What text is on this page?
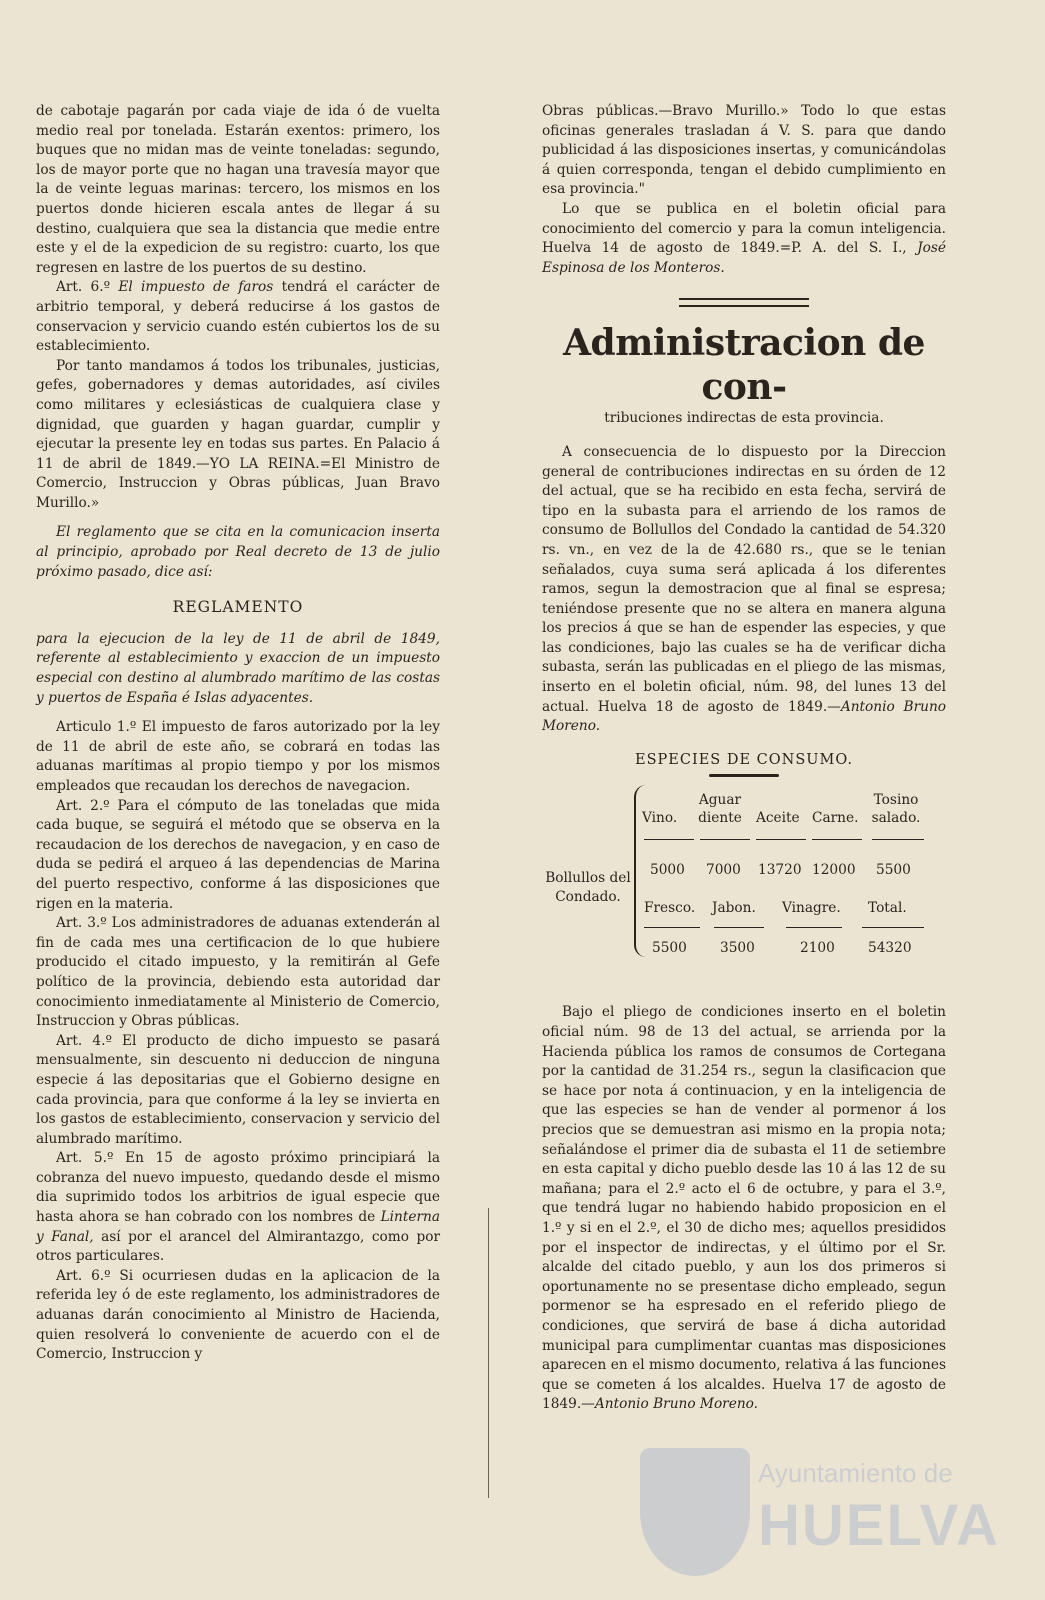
de cabotaje pagarán por cada viaje de ida ó de vuelta medio real por tonelada. Estarán exentos: primero, los buques que no midan mas de veinte toneladas: segundo, los de mayor porte que no hagan una travesía mayor que la de veinte leguas marinas: tercero, los mismos en los puertos donde hicieren escala antes de llegar á su destino, cualquiera que sea la distancia que medie entre este y el de la expedicion de su registro: cuarto, los que regresen en lastre de los puertos de su destino.

Art. 6.º El impuesto de faros tendrá el carácter de arbitrio temporal, y deberá reducirse á los gastos de conservacion y servicio cuando estén cubiertos los de su establecimiento.

Por tanto mandamos á todos los tribunales, justicias, gefes, gobernadores y demas autoridades, así civiles como militares y eclesiásticas de cualquiera clase y dignidad, que guarden y hagan guardar, cumplir y ejecutar la presente ley en todas sus partes. En Palacio á 11 de abril de 1849.—YO LA REINA.=El Ministro de Comercio, Instruccion y Obras públicas, Juan Bravo Murillo.»

El reglamento que se cita en la comunicacion inserta al principio, aprobado por Real decreto de 13 de julio próximo pasado, dice así:

REGLAMENTO

para la ejecucion de la ley de 11 de abril de 1849, referente al establecimiento y exaccion de un impuesto especial con destino al alumbrado marítimo de las costas y puertos de España é Islas adyacentes.

Articulo 1.º El impuesto de faros autorizado por la ley de 11 de abril de este año, se cobrará en todas las aduanas marítimas al propio tiempo y por los mismos empleados que recaudan los derechos de navegacion.

Art. 2.º Para el cómputo de las toneladas que mida cada buque, se seguirá el método que se observa en la recaudacion de los derechos de navegacion, y en caso de duda se pedirá el arqueo á las dependencias de Marina del puerto respectivo, conforme á las disposiciones que rigen en la materia.

Art. 3.º Los administradores de aduanas extenderán al fin de cada mes una certificacion de lo que hubiere producido el citado impuesto, y la remitirán al Gefe político de la provincia, debiendo esta autoridad dar conocimiento inmediatamente al Ministerio de Comercio, Instruccion y Obras públicas.

Art. 4.º El producto de dicho impuesto se pasará mensualmente, sin descuento ni deduccion de ninguna especie á las depositarias que el Gobierno designe en cada provincia, para que conforme á la ley se invierta en los gastos de establecimiento, conservacion y servicio del alumbrado marítimo.

Art. 5.º En 15 de agosto próximo principiará la cobranza del nuevo impuesto, quedando desde el mismo dia suprimido todos los arbitrios de igual especie que hasta ahora se han cobrado con los nombres de Linterna y Fanal, así por el arancel del Almirantazgo, como por otros particulares.

Art. 6.º Si ocurriesen dudas en la aplicacion de la referida ley ó de este reglamento, los administradores de aduanas darán conocimiento al Ministro de Hacienda, quien resolverá lo conveniente de acuerdo con el de Comercio, Instruccion y

Obras públicas.—Bravo Murillo.» Todo lo que estas oficinas generales trasladan á V. S. para que dando publicidad á las disposiciones insertas, y comunicándolas á quien corresponda, tengan el debido cumplimiento en esa provincia."

Lo que se publica en el boletin oficial para conocimiento del comercio y para la comun inteligencia. Huelva 14 de agosto de 1849.=P. A. del S. I., José Espinosa de los Monteros.

Administracion de con-

tribuciones indirectas de esta provincia.

A consecuencia de lo dispuesto por la Direccion general de contribuciones indirectas en su órden de 12 del actual, que se ha recibido en esta fecha, servirá de tipo en la subasta para el arriendo de los ramos de consumo de Bollullos del Condado la cantidad de 54.320 rs. vn., en vez de la de 42.680 rs., que se le tenian señalados, cuya suma será aplicada á los diferentes ramos, segun la demostracion que al final se espresa; teniéndose presente que no se altera en manera alguna los precios á que se han de espender las especies, y que las condiciones, bajo las cuales se ha de verificar dicha subasta, serán las publicadas en el pliego de las mismas, inserto en el boletin oficial, núm. 98, del lunes 13 del actual. Huelva 18 de agosto de 1849.—Antonio Bruno Moreno.

ESPECIES DE CONSUMO.

Bollullos del Condado.
Vino.
Aguar diente	Aceite Carne.
Tosino salado.
5000 7000 13720 12000 5500
Fresco. Jabon. Vinagre. Total.
5500 3500	2100 54320

Bajo el pliego de condiciones inserto en el boletin oficial núm. 98 de 13 del actual, se arrienda por la Hacienda pública los ramos de consumos de Cortegana por la cantidad de 31.254 rs., segun la clasificacion que se hace por nota á continuacion, y en la inteligencia de que las especies se han de vender al pormenor á los precios que se demuestran asi mismo en la propia nota; señalándose el primer dia de subasta el 11 de setiembre en esta capital y dicho pueblo desde las 10 á las 12 de su mañana; para el 2.º acto el 6 de octubre, y para el 3.º, que tendrá lugar no habiendo habido proposicion en el 1.º y si en el 2.º, el 30 de dicho mes; aquellos presididos por el inspector de indirectas, y el último por el Sr. alcalde del citado pueblo, y aun los dos primeros si oportunamente no se presentase dicho empleado, segun pormenor se ha espresado en el referido pliego de condiciones, que servirá de base á dicha autoridad municipal para cumplimentar cuantas mas disposiciones aparecen en el mismo documento, relativa á las funciones que se cometen á los alcaldes. Huelva 17 de agosto de 1849.—Antonio Bruno Moreno.

Ayuntamiento de
HUELVA
